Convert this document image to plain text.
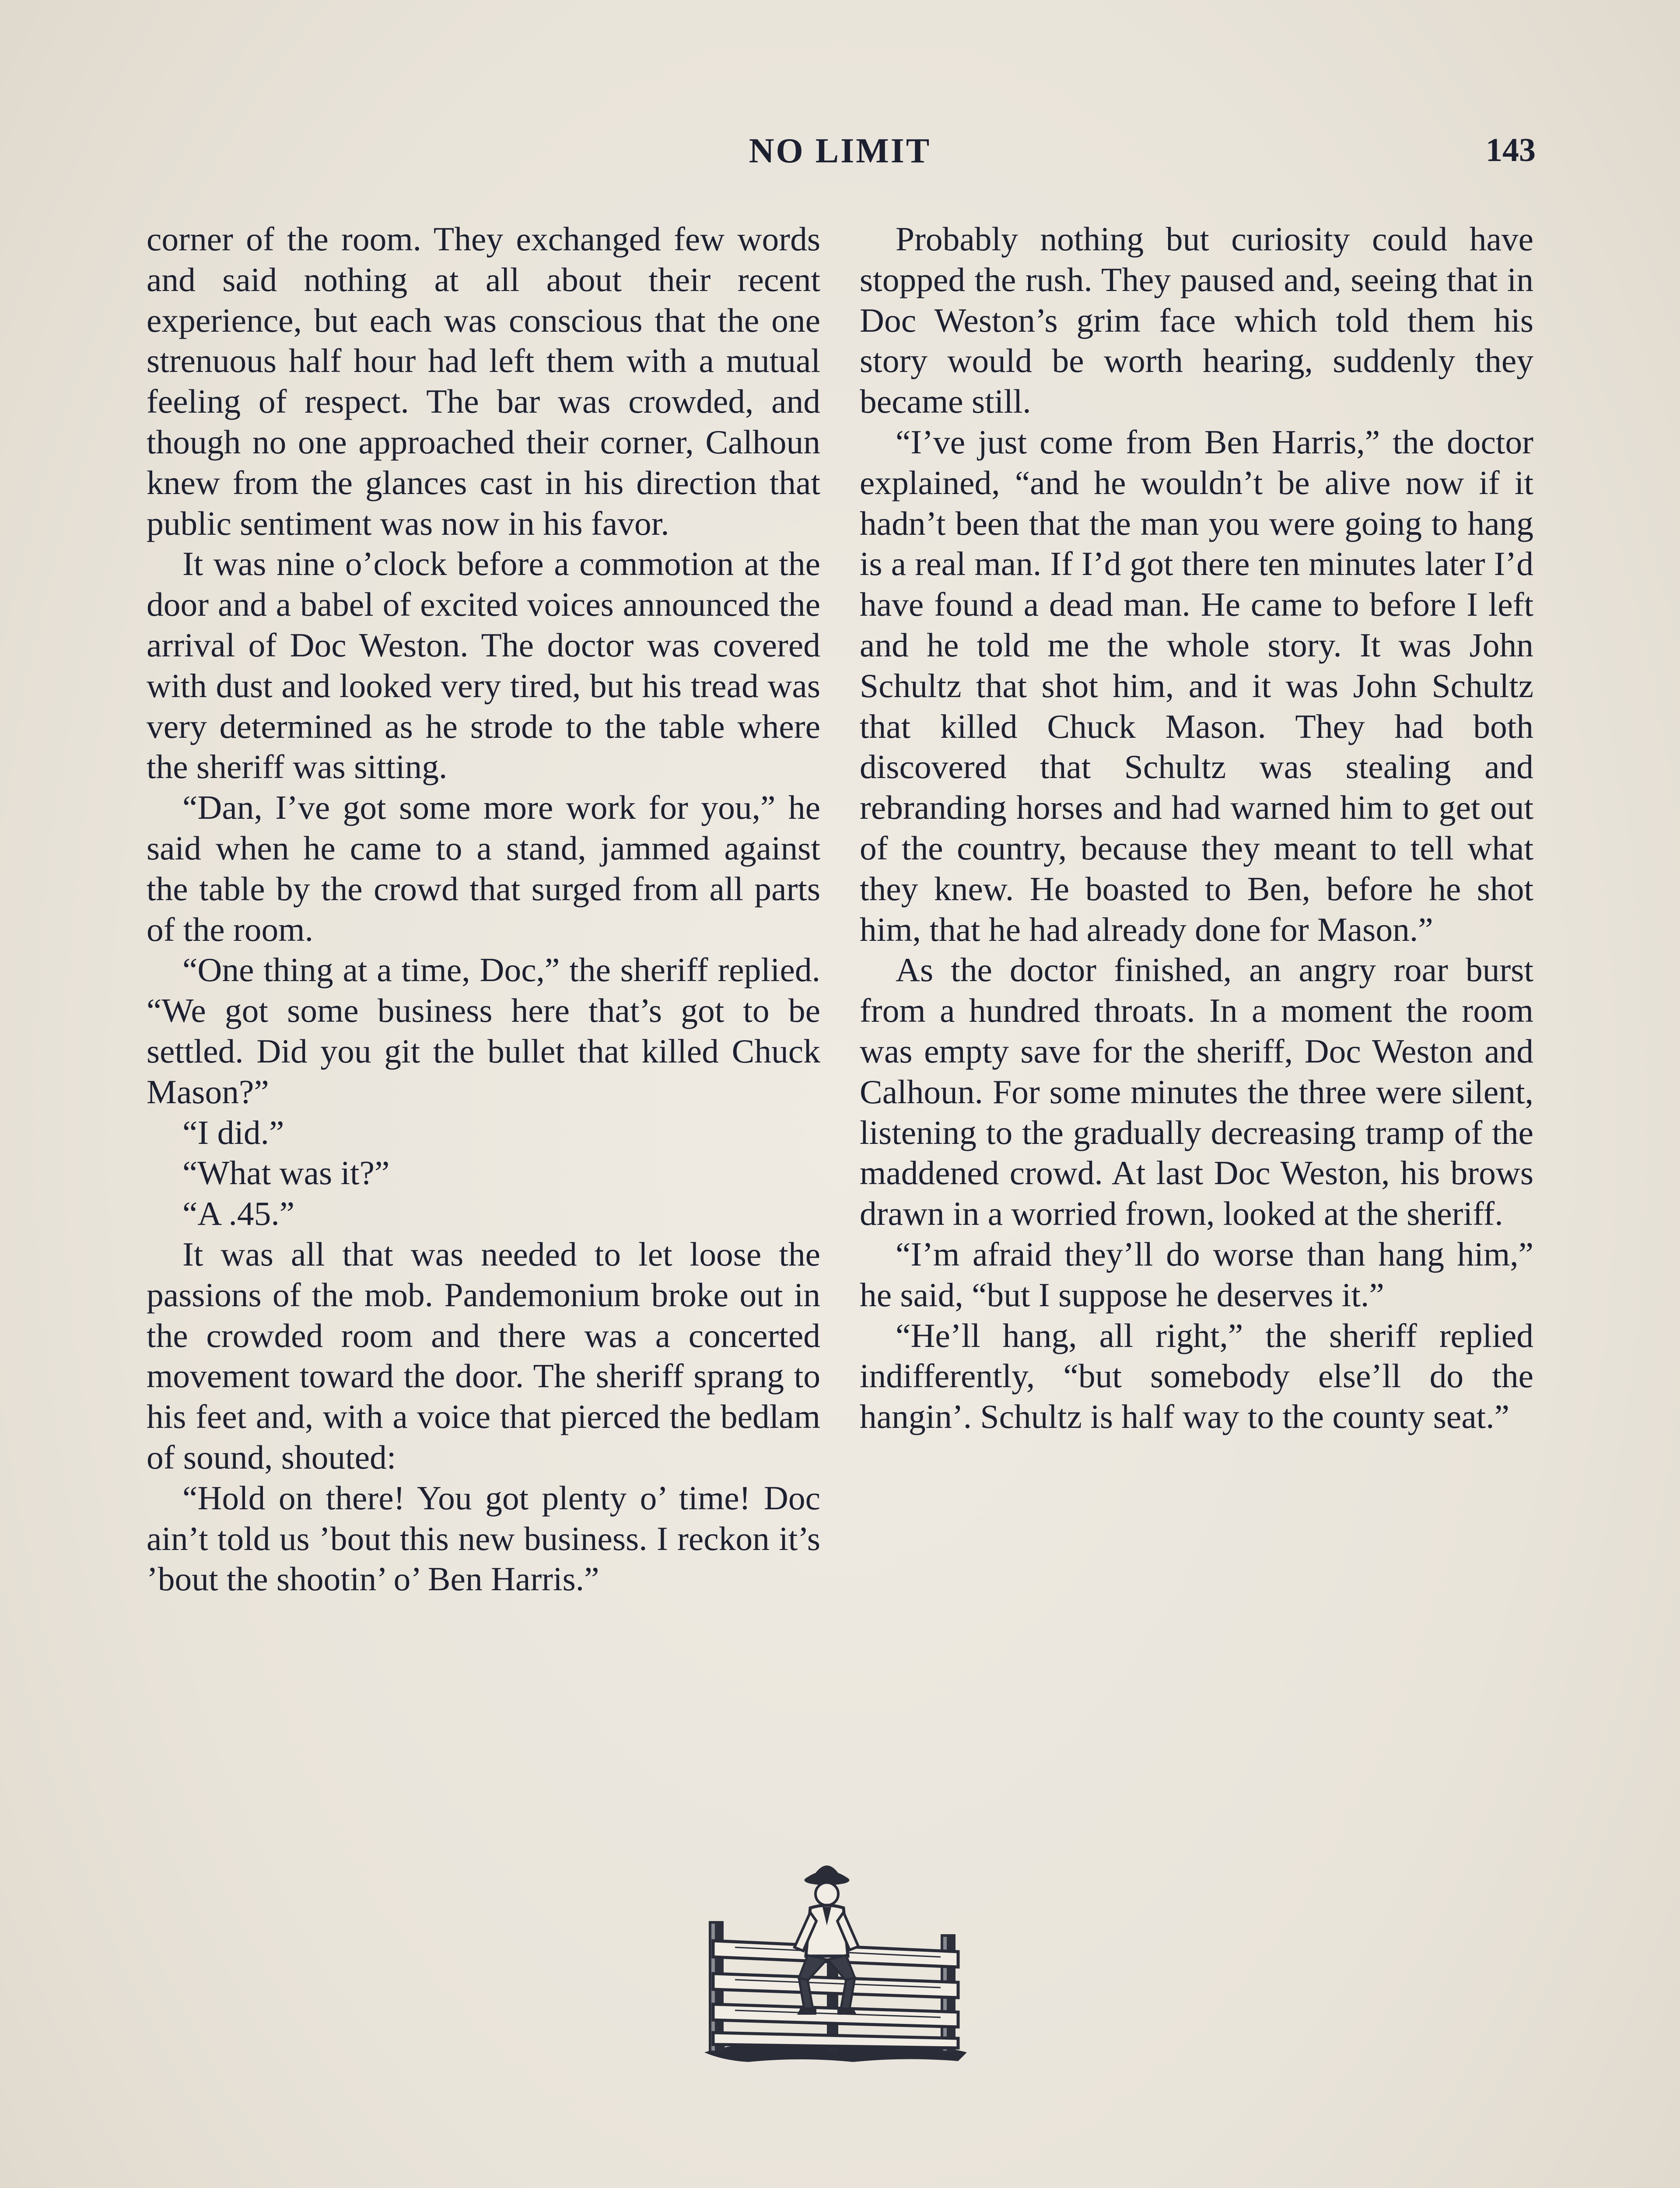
NO LIMIT	143

corner of the room. They exchanged few words and said nothing at all about their recent experience, but each was conscious that the one strenuous half hour had left them with a mutual feeling of respect. The bar was crowded, and though no one approached their corner, Calhoun knew from the glances cast in his direction that public sentiment was now in his favor.

It was nine o’clock before a commotion at the door and a babel of excited voices announced the arrival of Doc Weston. The doctor was covered with dust and looked very tired, but his tread was very determined as he strode to the table where the sheriff was sitting.

“Dan, I’ve got some more work for you,” he said when he came to a stand, jammed against the table by the crowd that surged from all parts of the room.

“One thing at a time, Doc,” the sheriff replied. “We got some business here that’s got to be settled. Did you git the bullet that killed Chuck Mason?”

“I did.”

“What was it?”

“A .45.”

It was all that was needed to let loose the passions of the mob. Pandemonium broke out in the crowded room and there was a concerted movement toward the door. The sheriff sprang to his feet and, with a voice that pierced the bedlam of sound, shouted:

“Hold on there! You got plenty o’ time! Doc ain’t told us ’bout this new business. I reckon it’s ’bout the shootin’ o’ Ben Harris.”

Probably nothing but curiosity could have stopped the rush. They paused and, seeing that in Doc Weston’s grim face which told them his story would be worth hearing, suddenly they became still.

“I’ve just come from Ben Harris,” the doctor explained, “and he wouldn’t be alive now if it hadn’t been that the man you were going to hang is a real man. If I’d got there ten minutes later I’d have found a dead man. He came to before I left and he told me the whole story. It was John Schultz that shot him, and it was John Schultz that killed Chuck Mason. They had both discovered that Schultz was stealing and rebranding horses and had warned him to get out of the country, because they meant to tell what they knew. He boasted to Ben, before he shot him, that he had already done for Mason.”

As the doctor finished, an angry roar burst from a hundred throats. In a moment the room was empty save for the sheriff, Doc Weston and Calhoun. For some minutes the three were silent, listening to the gradually decreasing tramp of the maddened crowd. At last Doc Weston, his brows drawn in a worried frown, looked at the sheriff.

“I’m afraid they’ll do worse than hang him,” he said, “but I suppose he deserves it.”

“He’ll hang, all right,” the sheriff replied indifferently, “but somebody else’ll do the hangin’. Schultz is half way to the county seat.”
